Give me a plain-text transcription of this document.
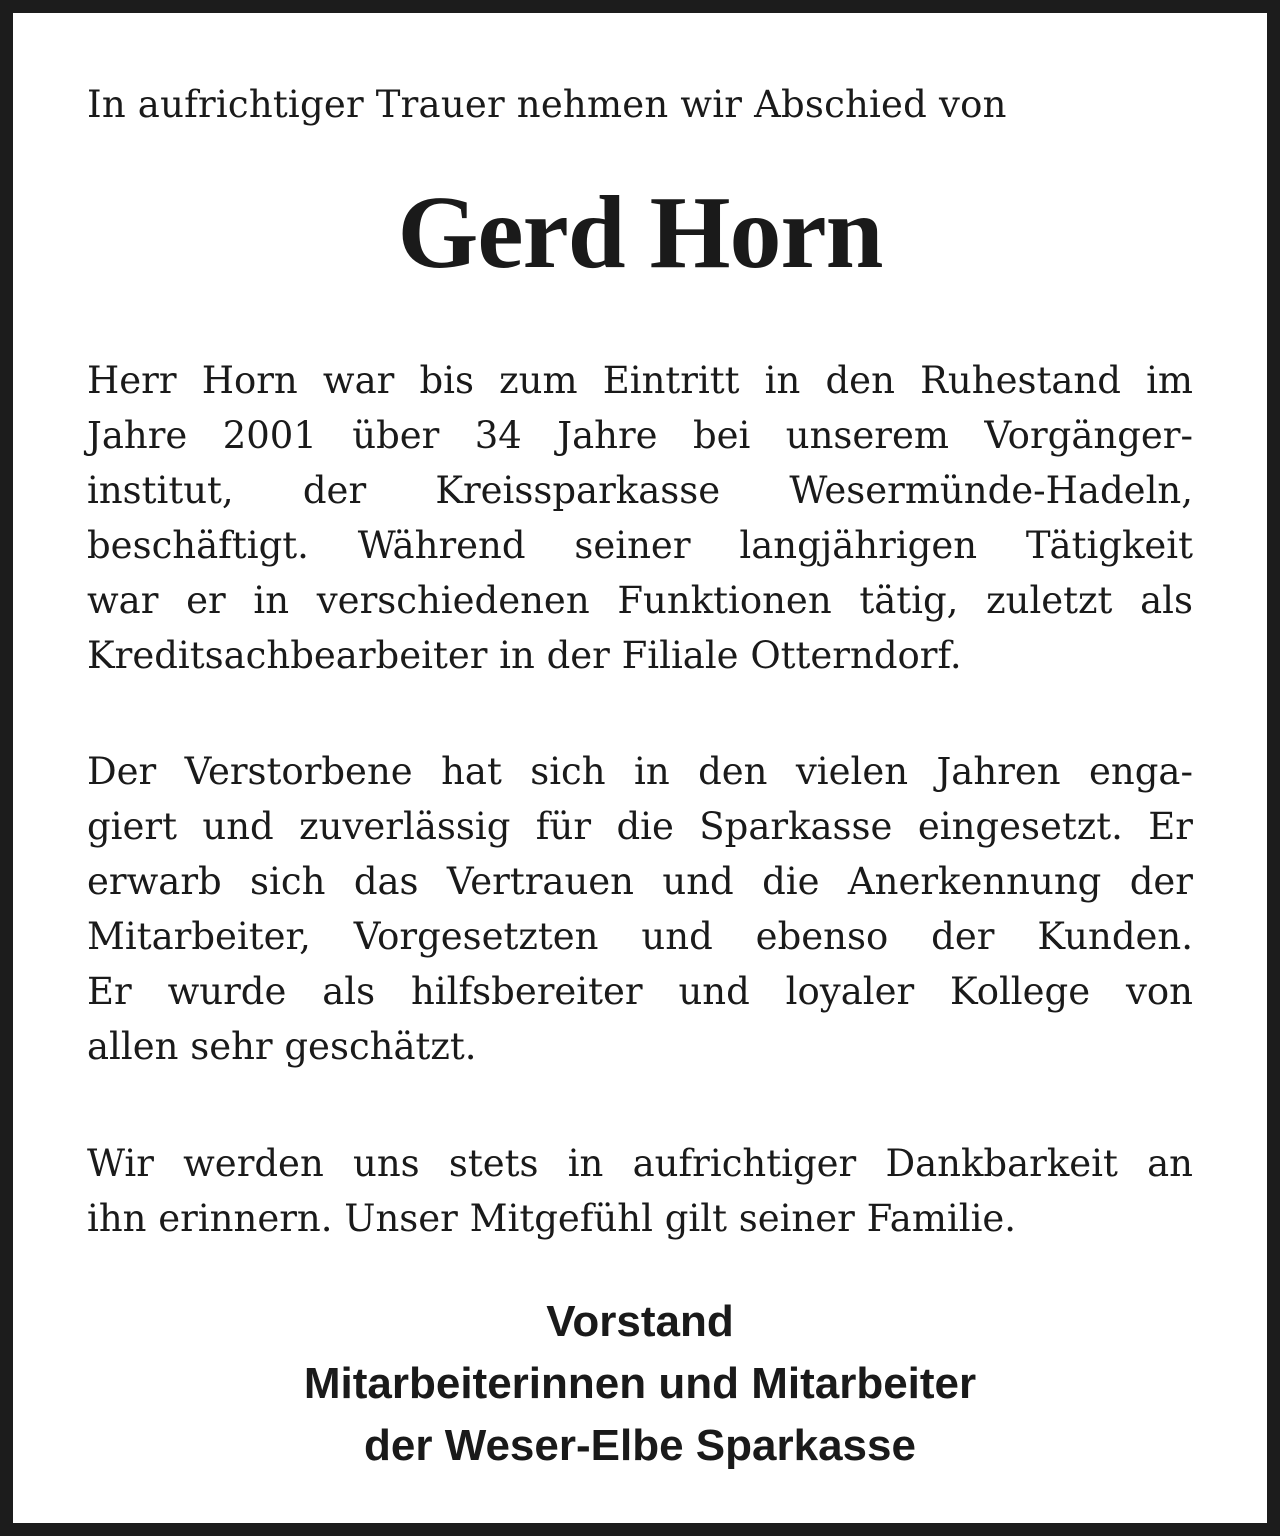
In aufrichtiger Trauer nehmen wir Abschied von
Gerd Horn

Herr Horn war bis zum Eintritt in den Ruhestand im
Jahre 2001 über 34 Jahre bei unserem Vorgänger-
institut, der Kreissparkasse Wesermünde-Hadeln,
beschäftigt. Während seiner langjährigen Tätigkeit
war er in verschiedenen Funktionen tätig, zuletzt als
Kreditsachbearbeiter in der Filiale Otterndorf.

Der Verstorbene hat sich in den vielen Jahren enga-
giert und zuverlässig für die Sparkasse eingesetzt. Er
erwarb sich das Vertrauen und die Anerkennung der
Mitarbeiter, Vorgesetzten und ebenso der Kunden.
Er wurde als hilfsbereiter und loyaler Kollege von
allen sehr geschätzt.

Wir werden uns stets in aufrichtiger Dankbarkeit an
ihn erinnern. Unser Mitgefühl gilt seiner Familie.

Vorstand
Mitarbeiterinnen und Mitarbeiter
der Weser-Elbe Sparkasse
